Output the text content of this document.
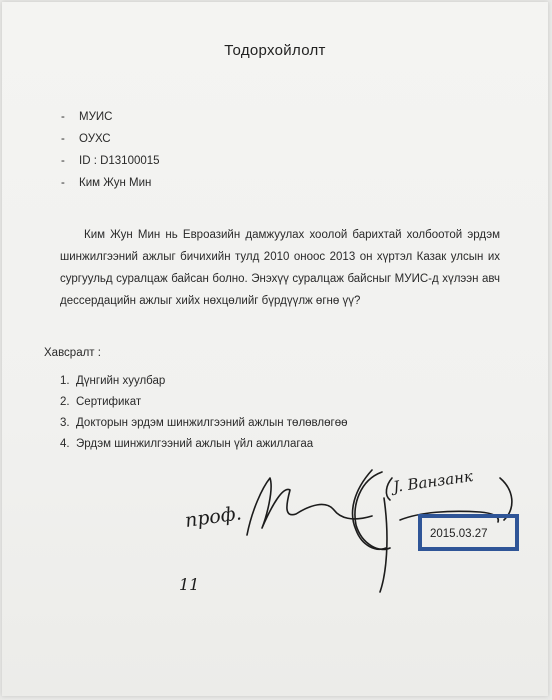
Тодорхойлолт
- МУИС
- ОУХС
- ID : D13100015
- Ким Жун Мин
Ким Жун Мин нь Евроазийн дамжуулах хоолой барихтай холбоотой эрдэм шинжилгээний ажлыг бичихийн тулд 2010 оноос 2013 он хүртэл Казак улсын их сургуульд суралцаж байсан болно. Энэхүү суралцаж байсныг МУИС-д хүлээн авч дессердацийн ажлыг хийх нөхцөлийг бүрдүүлж өгнө үү?
Хавсралт :
1. Дүнгийн хуулбар
2. Сертификат
3. Докторын эрдэм шинжилгээний ажлын төлөвлөгөө
4. Эрдэм шинжилгээний ажлын үйл ажиллагаа
проф.
J. Ванзанк
11
2015.03.27
